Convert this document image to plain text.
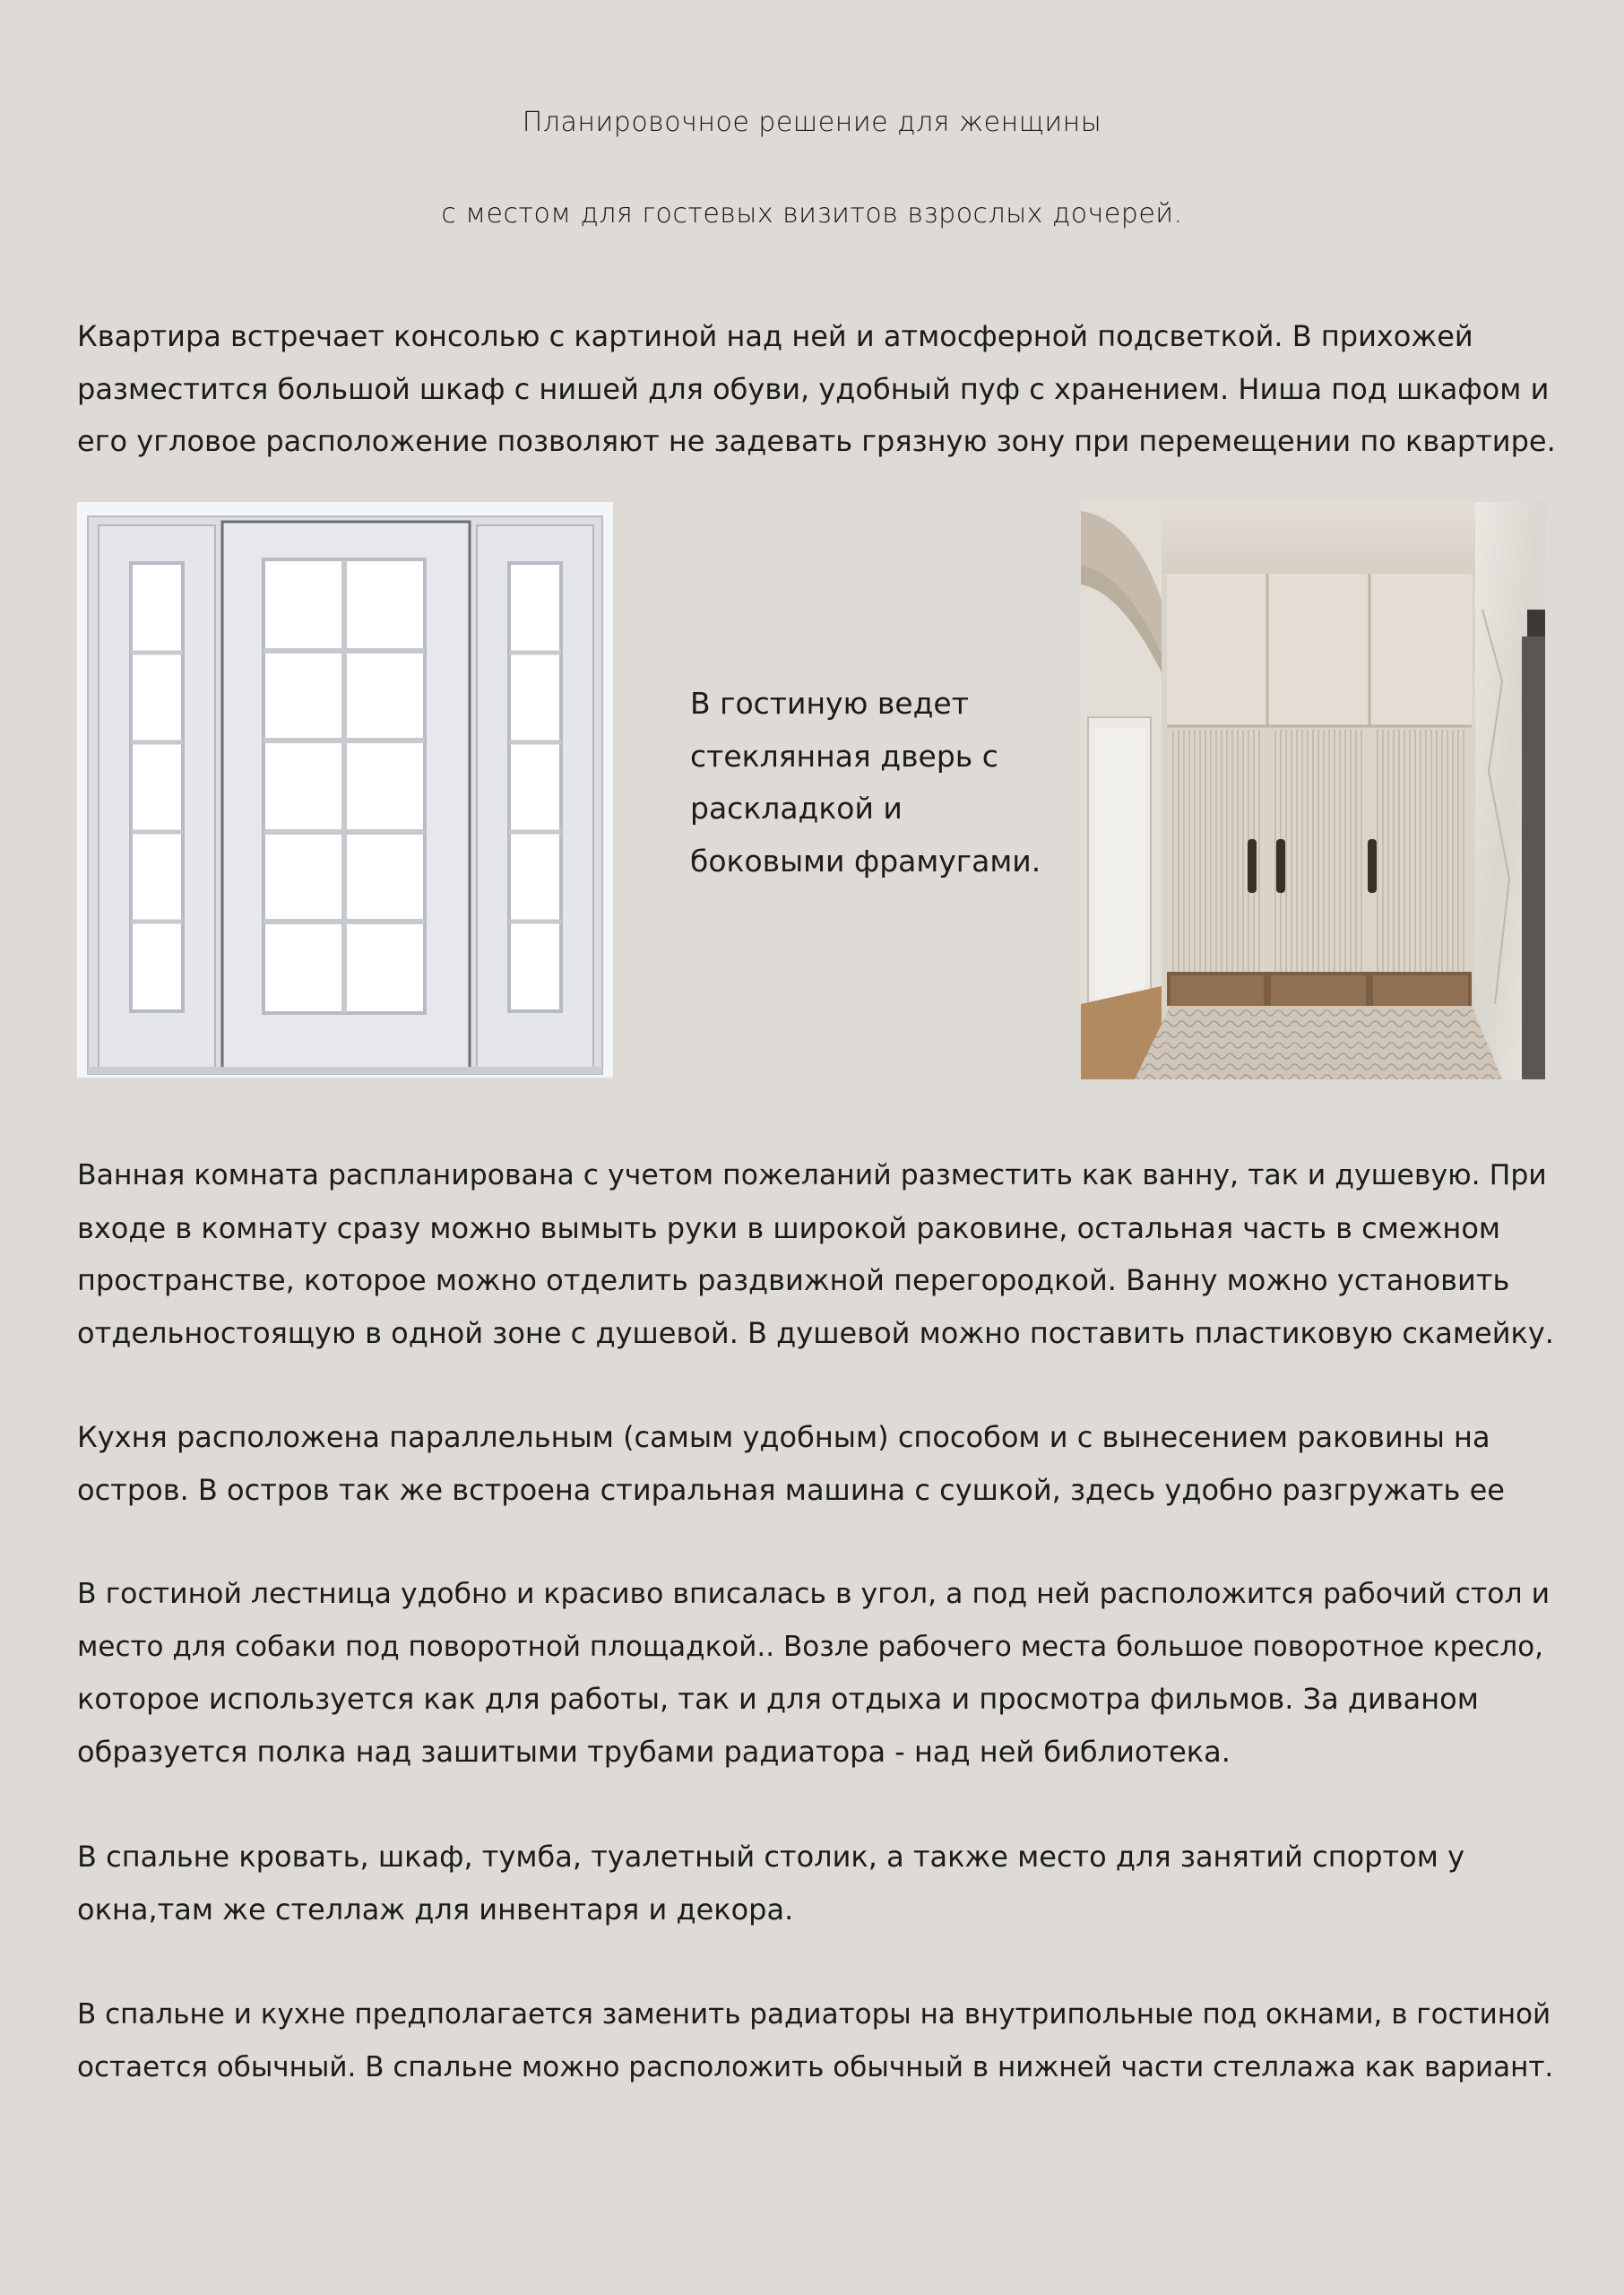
Планировочное решение для женщины
с местом для гостевых визитов взрослых дочерей.

Квартира встречает консолью с картиной над ней и атмосферной подсветкой. В прихожей
разместится большой шкаф с нишей для обуви, удобный пуф с хранением. Ниша под шкафом и
его угловое расположение позволяют не задевать грязную зону при перемещении по квартире.

В гостиную ведет
стеклянная дверь с
раскладкой и
боковыми фрамугами.

Ванная комната распланирована с учетом пожеланий разместить как ванну, так и душевую. При
входе в комнату сразу можно вымыть руки в широкой раковине, остальная часть в смежном
пространстве, которое можно отделить раздвижной перегородкой. Ванну можно установить
отдельностоящую в одной зоне с душевой. В душевой можно поставить пластиковую скамейку.

Кухня расположена параллельным (самым удобным) способом и с вынесением раковины на
остров. В остров так же встроена стиральная машина с сушкой, здесь удобно разгружать ее

В гостиной лестница удобно и красиво вписалась в угол, а под ней расположится рабочий стол и
место для собаки под поворотной площадкой.. Возле рабочего места большое поворотное кресло,
которое используется как для работы, так и для отдыха и просмотра фильмов. За диваном
образуется полка над зашитыми трубами радиатора - над ней библиотека.

В спальне кровать, шкаф, тумба, туалетный столик, а также место для занятий спортом у
окна,там же стеллаж для инвентаря и декора.

В спальне и кухне предполагается заменить радиаторы на внутрипольные под окнами, в гостиной
остается обычный. В спальне можно расположить обычный в нижней части стеллажа как вариант.
